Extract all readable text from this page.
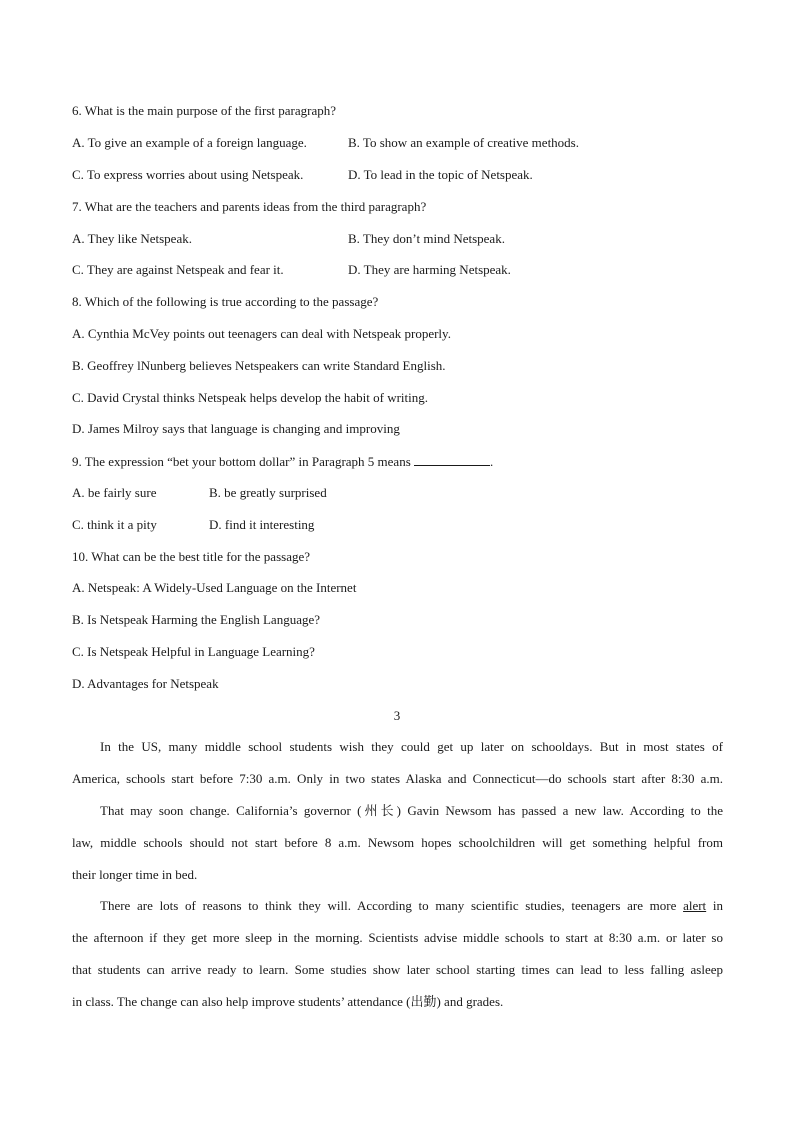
6. What is the main purpose of the first paragraph?
A. To give an example of a foreign language.	B. To show an example of creative methods.
C. To express worries about using Netspeak.	D. To lead in the topic of Netspeak.
7. What are the teachers and parents ideas from the third paragraph?
A. They like Netspeak.	B. They don’t mind Netspeak.
C. They are against Netspeak and fear it.	D. They are harming Netspeak.
8. Which of the following is true according to the passage?
A. Cynthia McVey points out teenagers can deal with Netspeak properly.
B. Geoffrey lNunberg believes Netspeakers can write Standard English.
C. David Crystal thinks Netspeak helps develop the habit of writing.
D. James Milroy says that language is changing and improving
9. The expression “bet your bottom dollar” in Paragraph 5 means	.
A. be fairly sure	B. be greatly surprised
C. think it a pity	D. find it interesting
10. What can be the best title for the passage?
A. Netspeak: A Widely-Used Language on the Internet
B. Is Netspeak Harming the English Language?
C. Is Netspeak Helpful in Language Learning?
D. Advantages for Netspeak
3
In the US, many middle school students wish they could get up later on schooldays. But in most states of
America, schools start before 7:30 a.m. Only in two states Alaska and Connecticut—do schools start after 8:30 a.m.
That may soon change. California’s governor (州长) Gavin Newsom has passed a new law. According to the
law, middle schools should not start before 8 a.m. Newsom hopes schoolchildren will get something helpful from
their longer time in bed.
There are lots of reasons to think they will. According to many scientific studies, teenagers are more alert in
the afternoon if they get more sleep in the morning. Scientists advise middle schools to start at 8:30 a.m. or later so
that students can arrive ready to learn. Some studies show later school starting times can lead to less falling asleep
in class. The change can also help improve students’ attendance (出勤) and grades.
